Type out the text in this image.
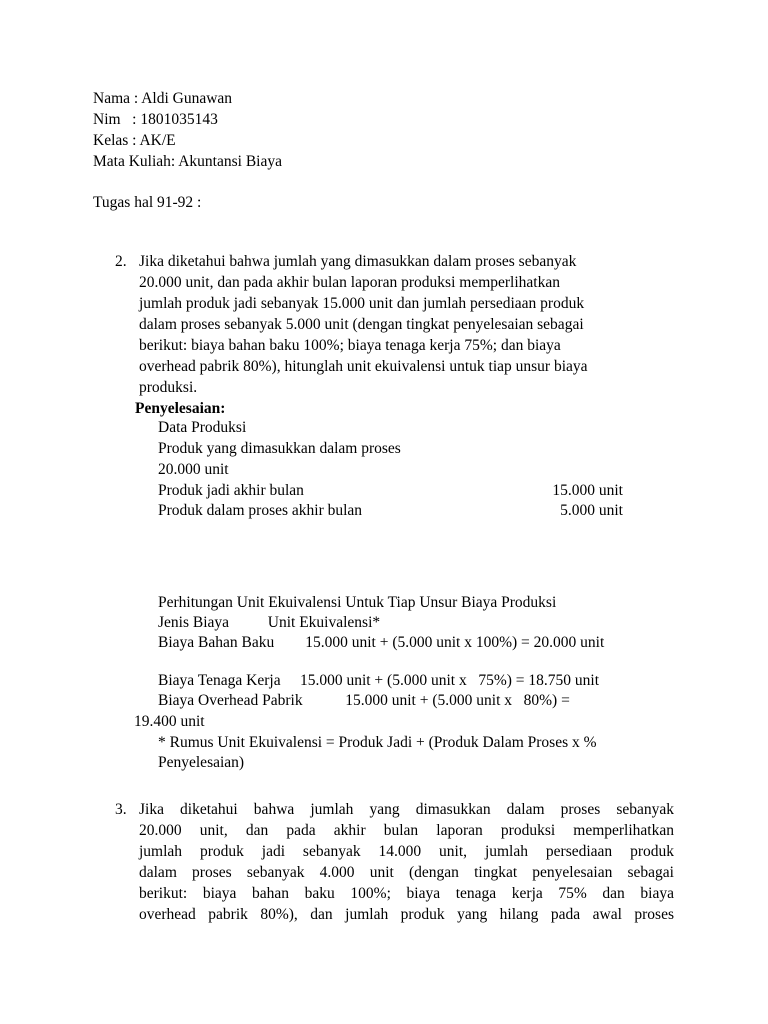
Nama : Aldi Gunawan
Nim   : 1801035143
Kelas : AK/E
Mata Kuliah: Akuntansi Biaya
Tugas hal 91-92 :
2. Jika diketahui bahwa jumlah yang dimasukkan dalam proses sebanyak
20.000 unit, dan pada akhir bulan laporan produksi memperlihatkan
jumlah produk jadi sebanyak 15.000 unit dan jumlah persediaan produk
dalam proses sebanyak 5.000 unit (dengan tingkat penyelesaian sebagai
berikut: biaya bahan baku 100%; biaya tenaga kerja 75%; dan biaya
overhead pabrik 80%), hitunglah unit ekuivalensi untuk tiap unsur biaya
produksi.
Penyelesaian:
Data Produksi
Produk yang dimasukkan dalam proses
20.000 unit
Produk jadi akhir bulan	15.000 unit
Produk dalam proses akhir bulan	5.000 unit
Perhitungan Unit Ekuivalensi Untuk Tiap Unsur Biaya Produksi
Jenis Biaya          Unit Ekuivalensi*
Biaya Bahan Baku        15.000 unit + (5.000 unit x 100%) = 20.000 unit
Biaya Tenaga Kerja     15.000 unit + (5.000 unit x   75%) = 18.750 unit
Biaya Overhead Pabrik           15.000 unit + (5.000 unit x   80%) =
19.400 unit
* Rumus Unit Ekuivalensi = Produk Jadi + (Produk Dalam Proses x %
Penyelesaian)
3. Jika diketahui bahwa jumlah yang dimasukkan dalam proses sebanyak
20.000 unit, dan pada akhir bulan laporan produksi memperlihatkan
jumlah produk jadi sebanyak 14.000 unit, jumlah persediaan produk
dalam proses sebanyak 4.000 unit (dengan tingkat penyelesaian sebagai
berikut: biaya bahan baku 100%; biaya tenaga kerja 75% dan biaya
overhead pabrik 80%), dan jumlah produk yang hilang pada awal proses
